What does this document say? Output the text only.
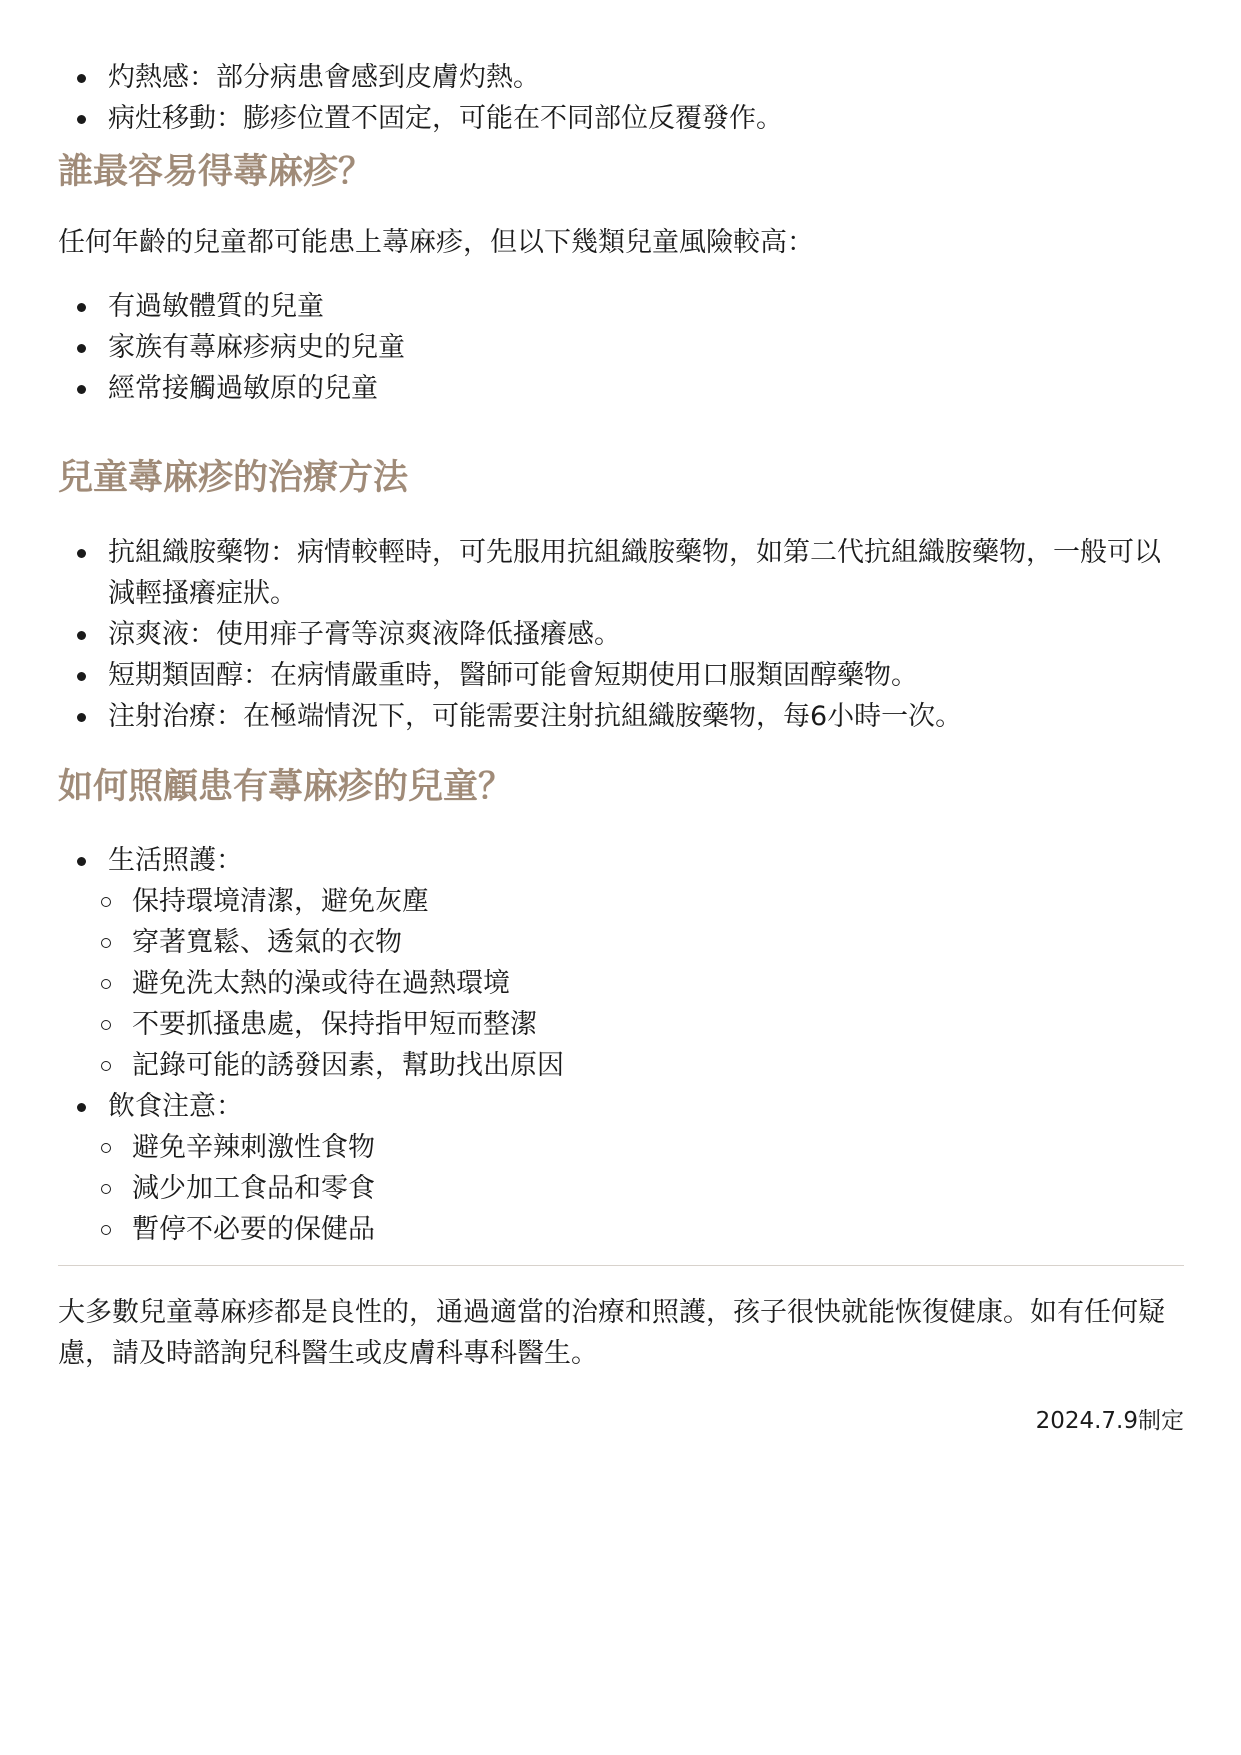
灼熱感：部分病患會感到皮膚灼熱。
病灶移動：膨疹位置不固定，可能在不同部位反覆發作。
誰最容易得蕁麻疹？

任何年齡的兒童都可能患上蕁麻疹，但以下幾類兒童風險較高：

有過敏體質的兒童
家族有蕁麻疹病史的兒童
經常接觸過敏原的兒童
兒童蕁麻疹的治療方法
抗組織胺藥物：病情較輕時，可先服用抗組織胺藥物，如第二代抗組織胺藥物，一般可以減輕搔癢症狀。
涼爽液：使用痱子膏等涼爽液降低搔癢感。
短期類固醇：在病情嚴重時，醫師可能會短期使用口服類固醇藥物。
注射治療：在極端情況下，可能需要注射抗組織胺藥物，每6小時一次。
如何照顧患有蕁麻疹的兒童？
生活照護：
保持環境清潔，避免灰塵
穿著寬鬆、透氣的衣物
避免洗太熱的澡或待在過熱環境
不要抓搔患處，保持指甲短而整潔
記錄可能的誘發因素，幫助找出原因
飲食注意：
避免辛辣刺激性食物
減少加工食品和零食
暫停不必要的保健品

大多數兒童蕁麻疹都是良性的，通過適當的治療和照護，孩子很快就能恢復健康。如有任何疑慮，請及時諮詢兒科醫生或皮膚科專科醫生。

2024.7.9制定
